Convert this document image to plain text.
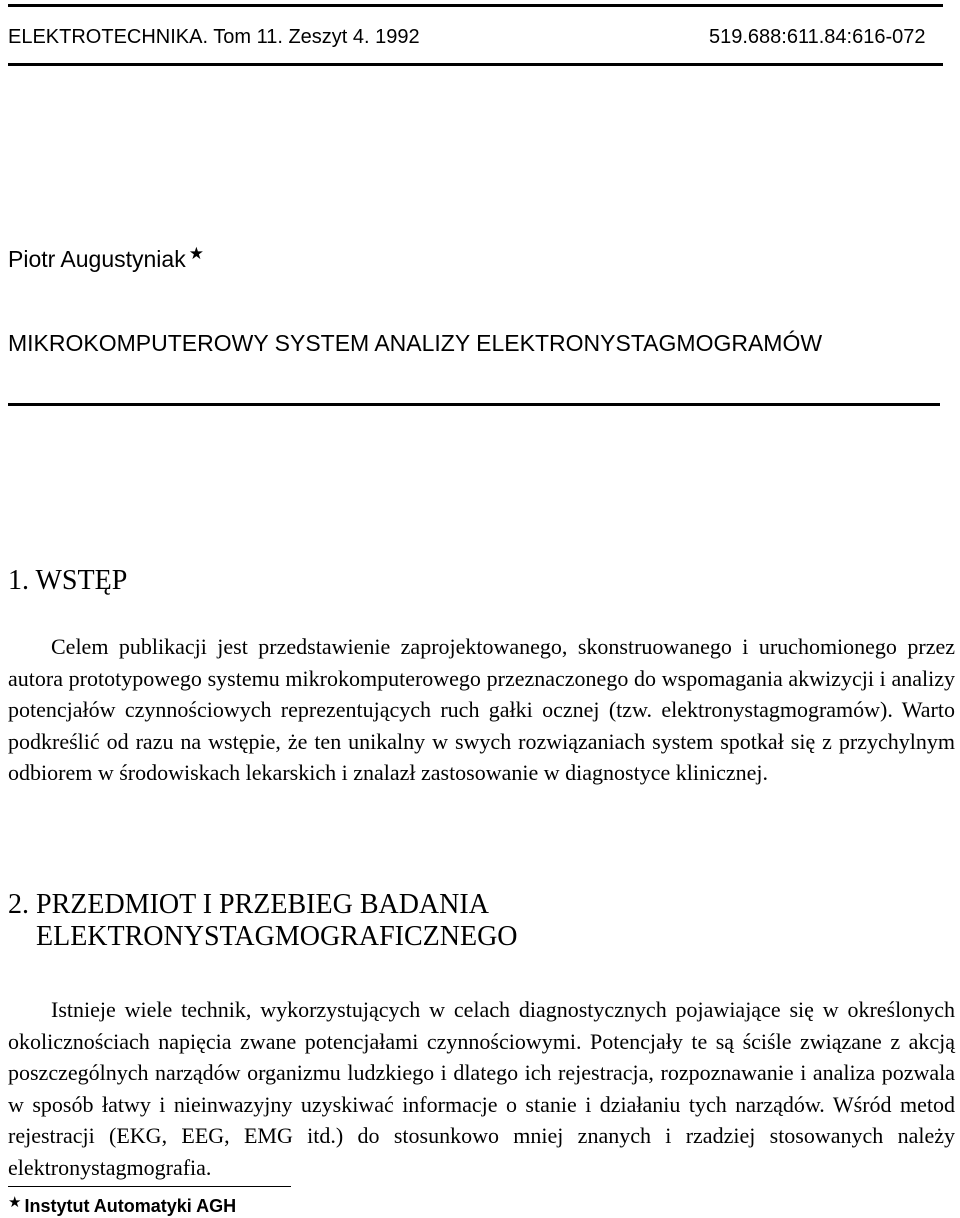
ELEKTROTECHNIKA. Tom 11. Zeszyt 4. 1992	519.688:611.84:616-072
Piotr Augustyniak ★
MIKROKOMPUTEROWY SYSTEM ANALIZY ELEKTRONYSTAGMOGRAMÓW
1. WSTĘP
Celem publikacji jest przedstawienie zaprojektowanego, skonstruowanego i uruchomionego przez autora prototypowego systemu mikrokomputerowego przeznaczonego do wspomagania akwizycji i analizy potencjałów czynnościowych reprezentujących ruch gałki ocznej (tzw. elektronystagmogramów). Warto podkreślić od razu na wstępie, że ten unikalny w swych rozwiązaniach system spotkał się z przychylnym odbiorem w środowiskach lekarskich i znalazł zastosowanie w diagnostyce klinicznej.
2. PRZEDMIOT I PRZEBIEG BADANIA
ELEKTRONYSTAGMOGRAFICZNEGO
Istnieje wiele technik, wykorzystujących w celach diagnostycznych pojawiające się w określonych okolicznościach napięcia zwane potencjałami czynnościowymi. Potencjały te są ściśle związane z akcją poszczególnych narządów organizmu ludzkiego i dlatego ich rejestracja, rozpoznawanie i analiza pozwala w sposób łatwy i nieinwazyjny uzyskiwać informacje o stanie i działaniu tych narządów. Wśród metod rejestracji (EKG, EEG, EMG itd.) do stosunkowo mniej znanych i rzadziej stosowanych należy elektronystagmografia.
★ Instytut Automatyki AGH
